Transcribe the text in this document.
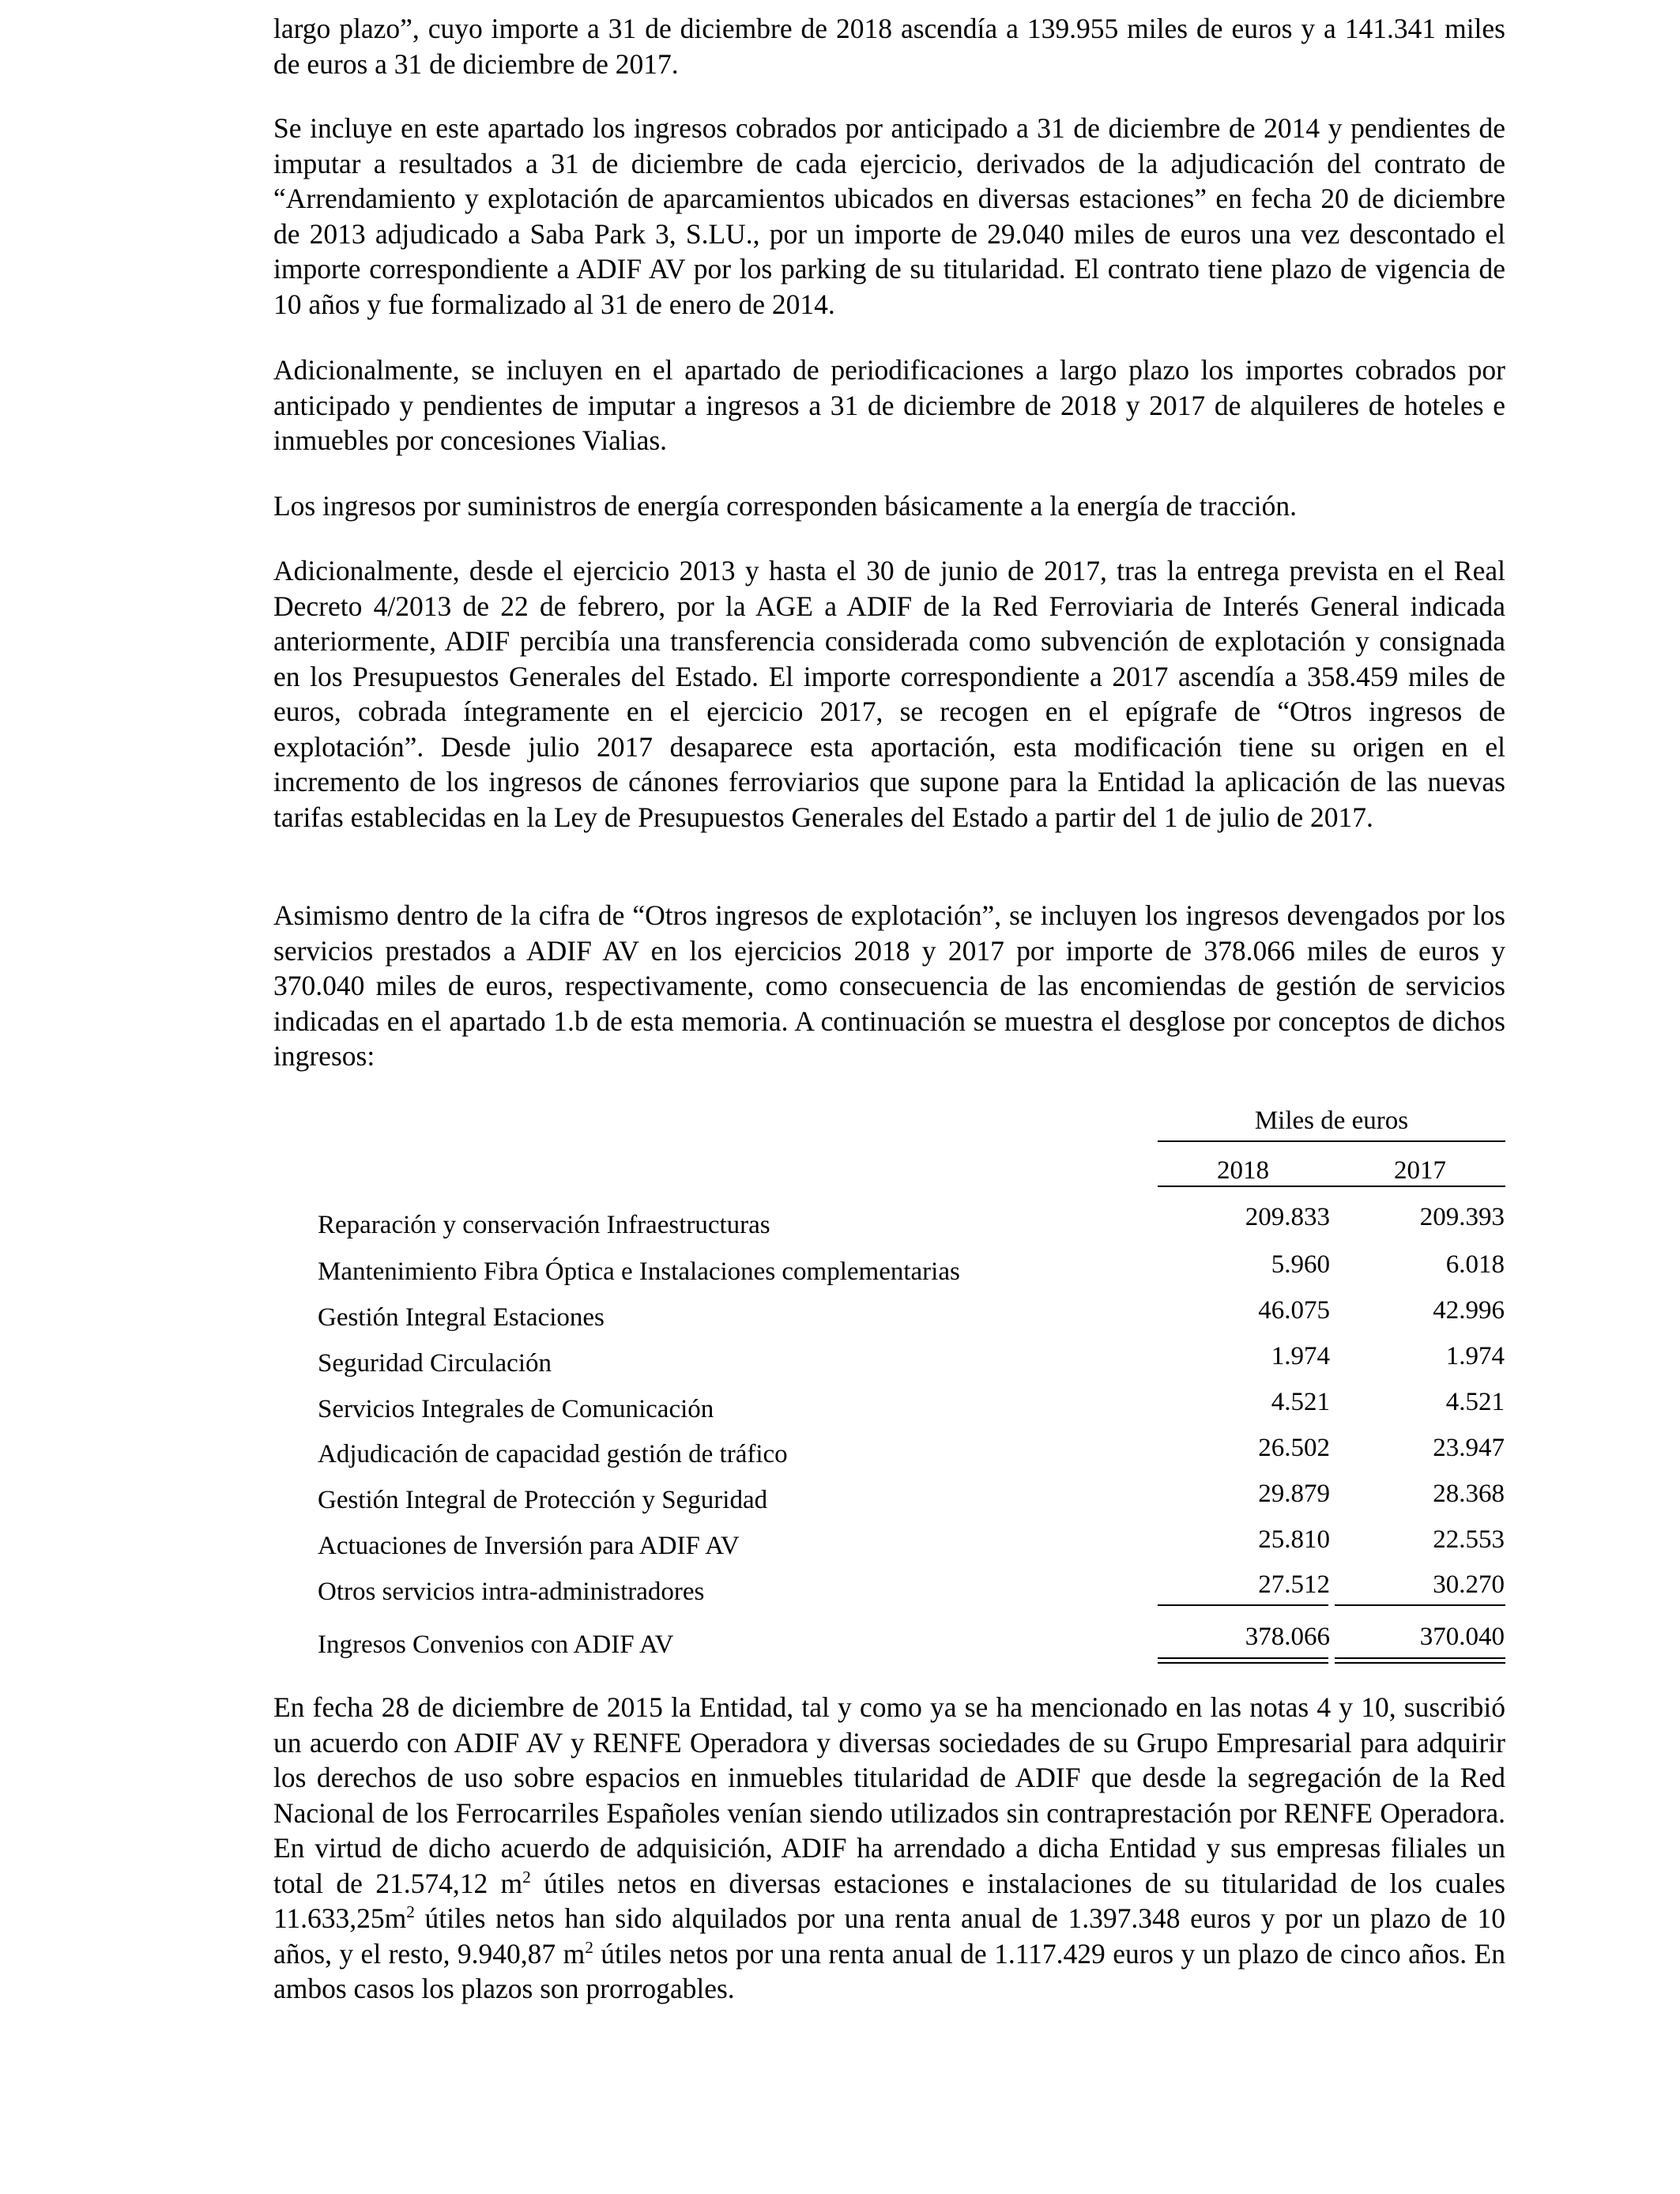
largo plazo”, cuyo importe a 31 de diciembre de 2018 ascendía a 139.955 miles de euros y a 141.341 miles de euros a 31 de diciembre de 2017.

Se incluye en este apartado los ingresos cobrados por anticipado a 31 de diciembre de 2014 y pendientes de imputar a resultados a 31 de diciembre de cada ejercicio, derivados de la adjudicación del contrato de “Arrendamiento y explotación de aparcamientos ubicados en diversas estaciones” en fecha 20 de diciembre de 2013 adjudicado a Saba Park 3, S.LU., por un importe de 29.040 miles de euros una vez descontado el importe correspondiente a ADIF AV por los parking de su titularidad. El contrato tiene plazo de vigencia de 10 años y fue formalizado al 31 de enero de 2014.

Adicionalmente, se incluyen en el apartado de periodificaciones a largo plazo los importes cobrados por anticipado y pendientes de imputar a ingresos a 31 de diciembre de 2018 y 2017 de alquileres de hoteles e inmuebles por concesiones Vialias.

Los ingresos por suministros de energía corresponden básicamente a la energía de tracción.

Adicionalmente, desde el ejercicio 2013 y hasta el 30 de junio de 2017, tras la entrega prevista en el Real Decreto 4/2013 de 22 de febrero, por la AGE a ADIF de la Red Ferroviaria de Interés General indicada anteriormente, ADIF percibía una transferencia considerada como subvención de explotación y consignada en los Presupuestos Generales del Estado. El importe correspondiente a 2017 ascendía a 358.459 miles de euros, cobrada íntegramente en el ejercicio 2017, se recogen en el epígrafe de “Otros ingresos de explotación”. Desde julio 2017 desaparece esta aportación, esta modificación tiene su origen en el incremento de los ingresos de cánones ferroviarios que supone para la Entidad la aplicación de las nuevas tarifas establecidas en la Ley de Presupuestos Generales del Estado a partir del 1 de julio de 2017.

Asimismo dentro de la cifra de “Otros ingresos de explotación”, se incluyen los ingresos devengados por los servicios prestados a ADIF AV en los ejercicios 2018 y 2017 por importe de 378.066 miles de euros y 370.040 miles de euros, respectivamente, como consecuencia de las encomiendas de gestión de servicios indicadas en el apartado 1.b de esta memoria. A continuación se muestra el desglose por conceptos de dichos ingresos:

Miles de euros
2018	2017
Reparación y conservación Infraestructuras	209.833	209.393
Mantenimiento Fibra Óptica e Instalaciones complementarias	5.960	6.018
Gestión Integral Estaciones	46.075	42.996
Seguridad Circulación	1.974	1.974
Servicios Integrales de Comunicación	4.521	4.521
Adjudicación de capacidad gestión de tráfico	26.502	23.947
Gestión Integral de Protección y Seguridad	29.879	28.368
Actuaciones de Inversión para ADIF AV	25.810	22.553
Otros servicios intra-administradores	27.512	30.270
Ingresos Convenios con ADIF AV	378.066	370.040

En fecha 28 de diciembre de 2015 la Entidad, tal y como ya se ha mencionado en las notas 4 y 10, suscribió un acuerdo con ADIF AV y RENFE Operadora y diversas sociedades de su Grupo Empresarial para adquirir los derechos de uso sobre espacios en inmuebles titularidad de ADIF que desde la segregación de la Red Nacional de los Ferrocarriles Españoles venían siendo utilizados sin contraprestación por RENFE Operadora. En virtud de dicho acuerdo de adquisición, ADIF ha arrendado a dicha Entidad y sus empresas filiales un total de 21.574,12 $m^2$ útiles netos en diversas estaciones e instalaciones de su titularidad de los cuales $11.633,25m^2$ útiles netos han sido alquilados por una renta anual de 1.397.348 euros y por un plazo de 10 años, y el resto, 9.940,87 $m^2$ útiles netos por una renta anual de 1.117.429 euros y un plazo de cinco años. En ambos casos los plazos son prorrogables.
